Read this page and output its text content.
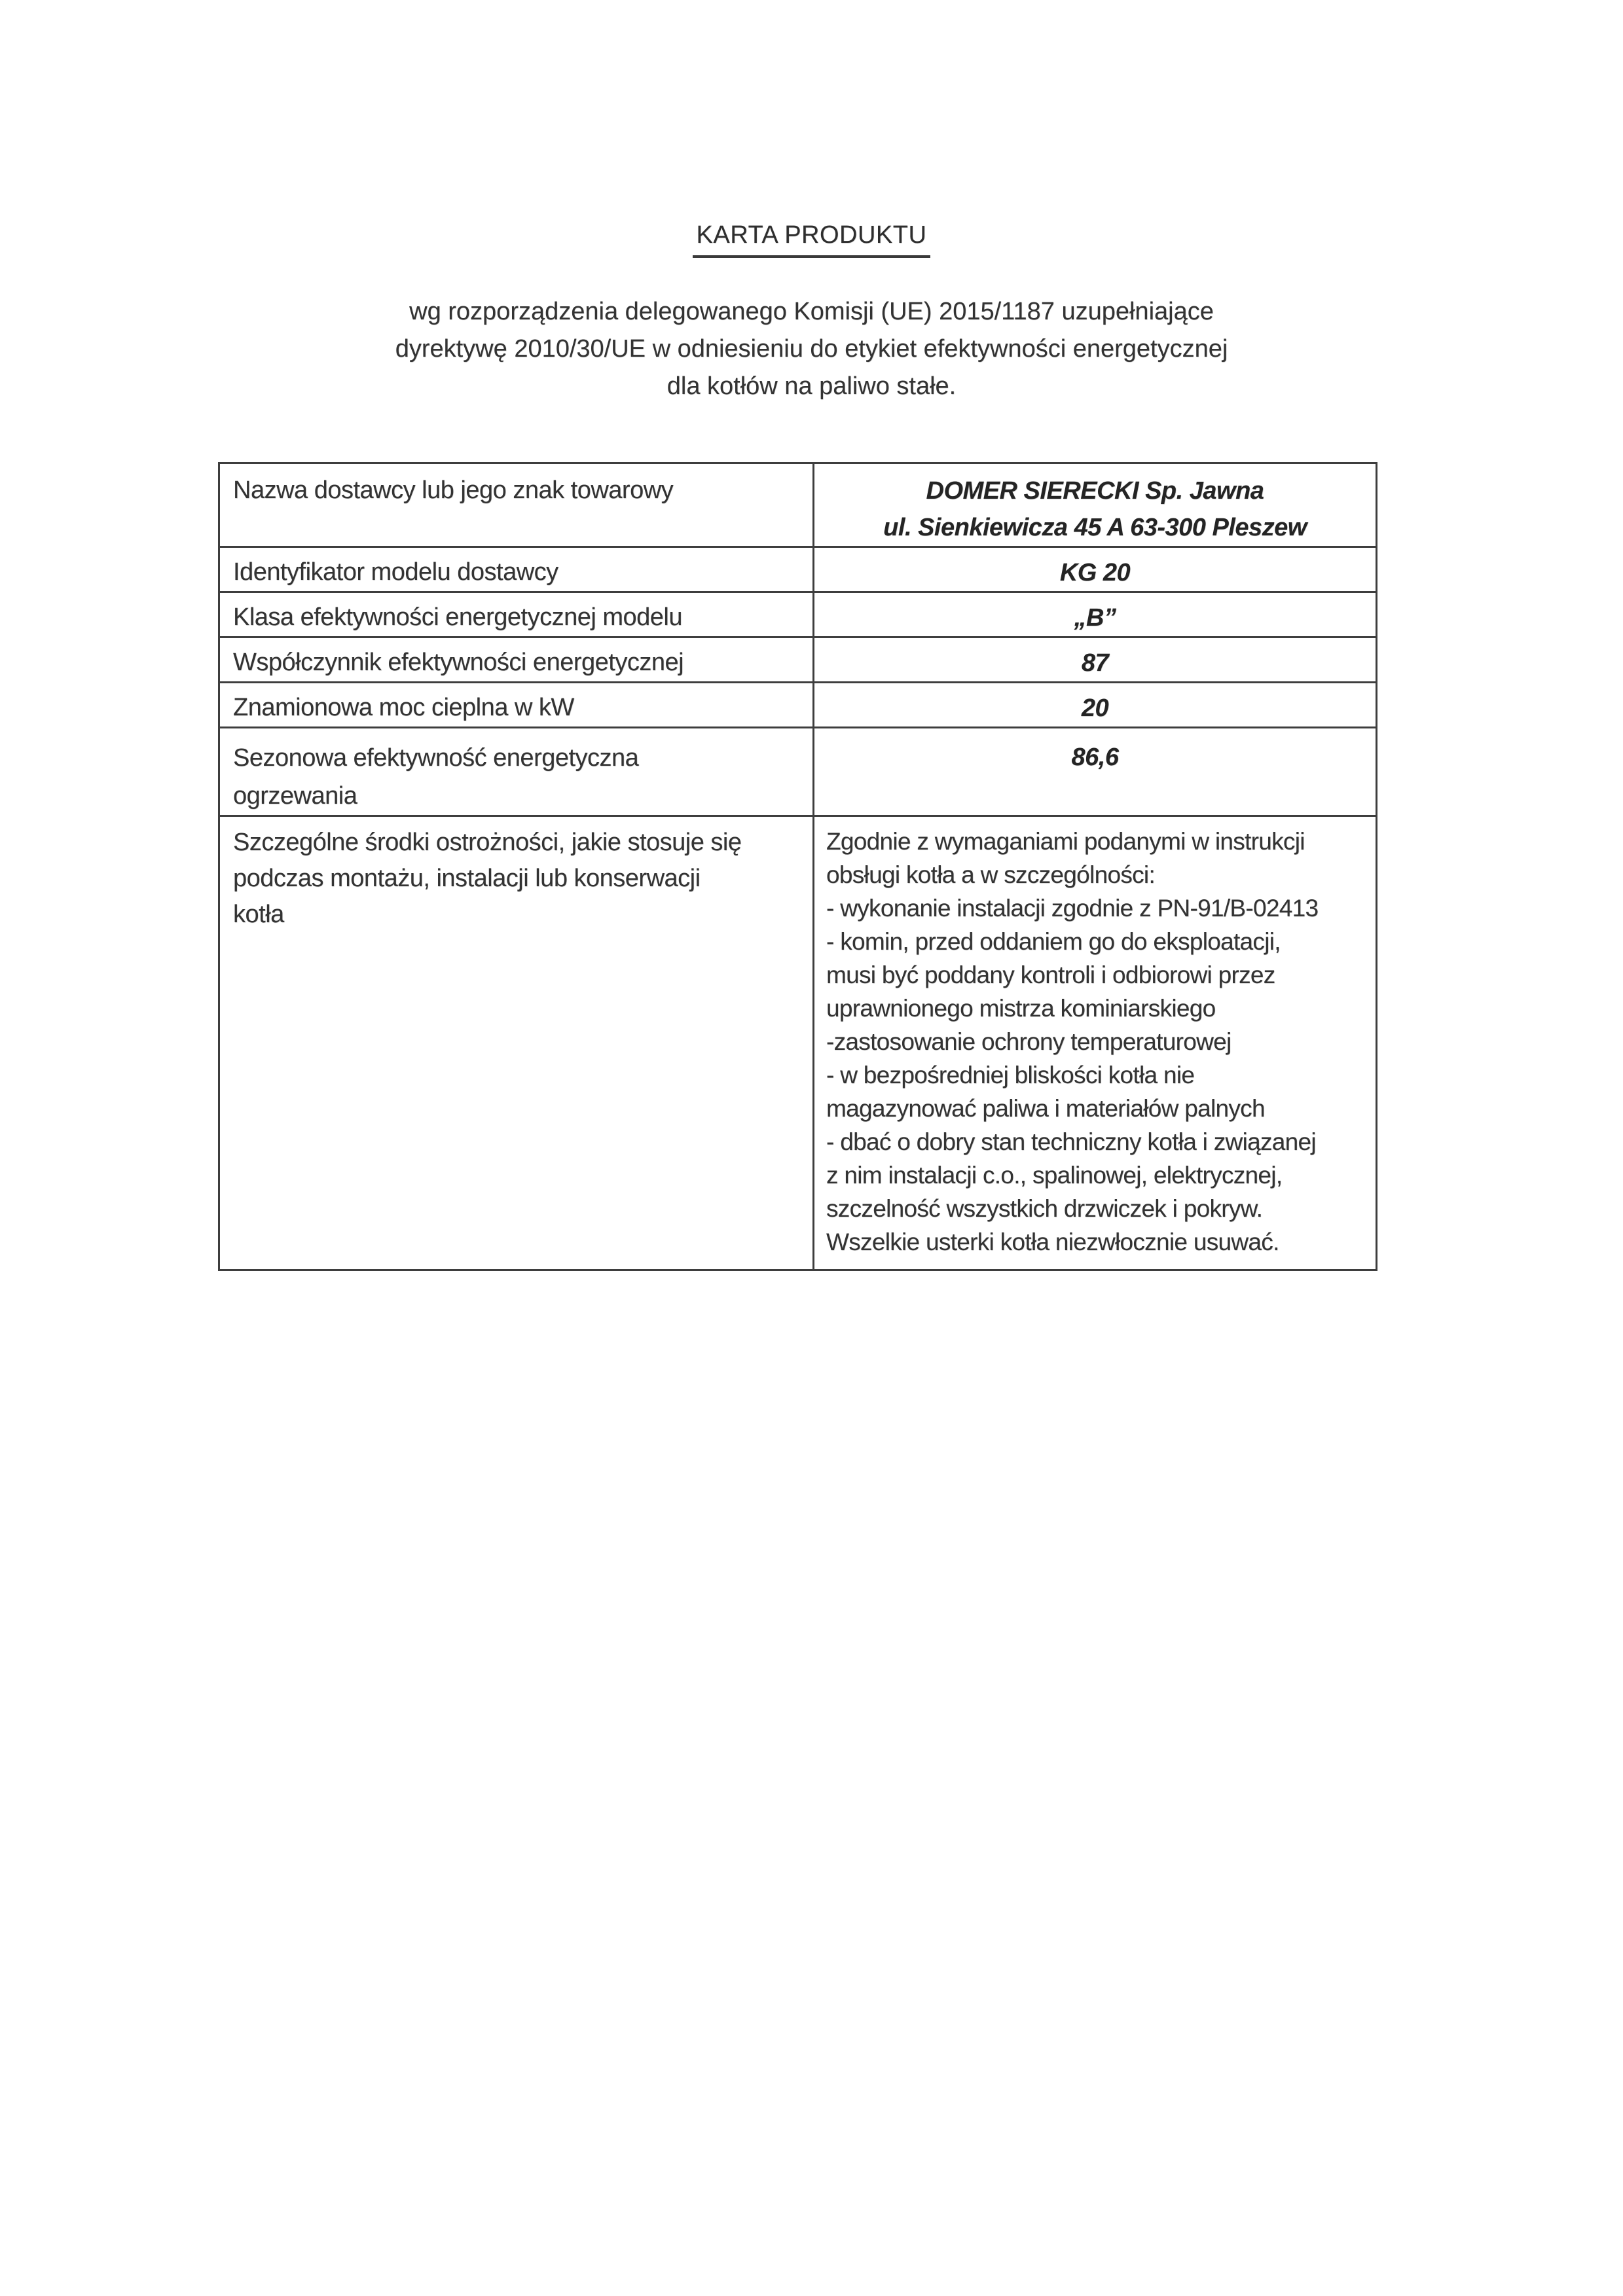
KARTA PRODUKTU
wg rozporządzenia delegowanego Komisji (UE) 2015/1187 uzupełniające
dyrektywę 2010/30/UE w odniesieniu do etykiet efektywności energetycznej
dla kotłów na paliwo stałe.
Nazwa dostawcy lub jego znak towarowy	DOMER SIERECKI Sp. Jawna
ul. Sienkiewicza 45 A 63-300 Pleszew

Identyfikator modelu dostawcy	KG 20
Klasa efektywności energetycznej modelu	„B”
Współczynnik efektywności energetycznej	87
Znamionowa moc cieplna w kW	20

Sezonowa efektywność energetyczna
ogrzewania	86,6

Szczególne środki ostrożności, jakie stosuje się
podczas montażu, instalacji lub konserwacji
kotła

Zgodnie z wymaganiami podanymi w instrukcji
obsługi kotła a w szczególności:
- wykonanie instalacji zgodnie z PN-91/B-02413
- komin, przed oddaniem go do eksploatacji,
musi być poddany kontroli i odbiorowi przez
uprawnionego mistrza kominiarskiego
-zastosowanie ochrony temperaturowej
- w bezpośredniej bliskości kotła nie
magazynować paliwa i materiałów palnych
- dbać o dobry stan techniczny kotła i związanej
z nim instalacji c.o., spalinowej, elektrycznej,
szczelność wszystkich drzwiczek i pokryw.
Wszelkie usterki kotła niezwłocznie usuwać.
